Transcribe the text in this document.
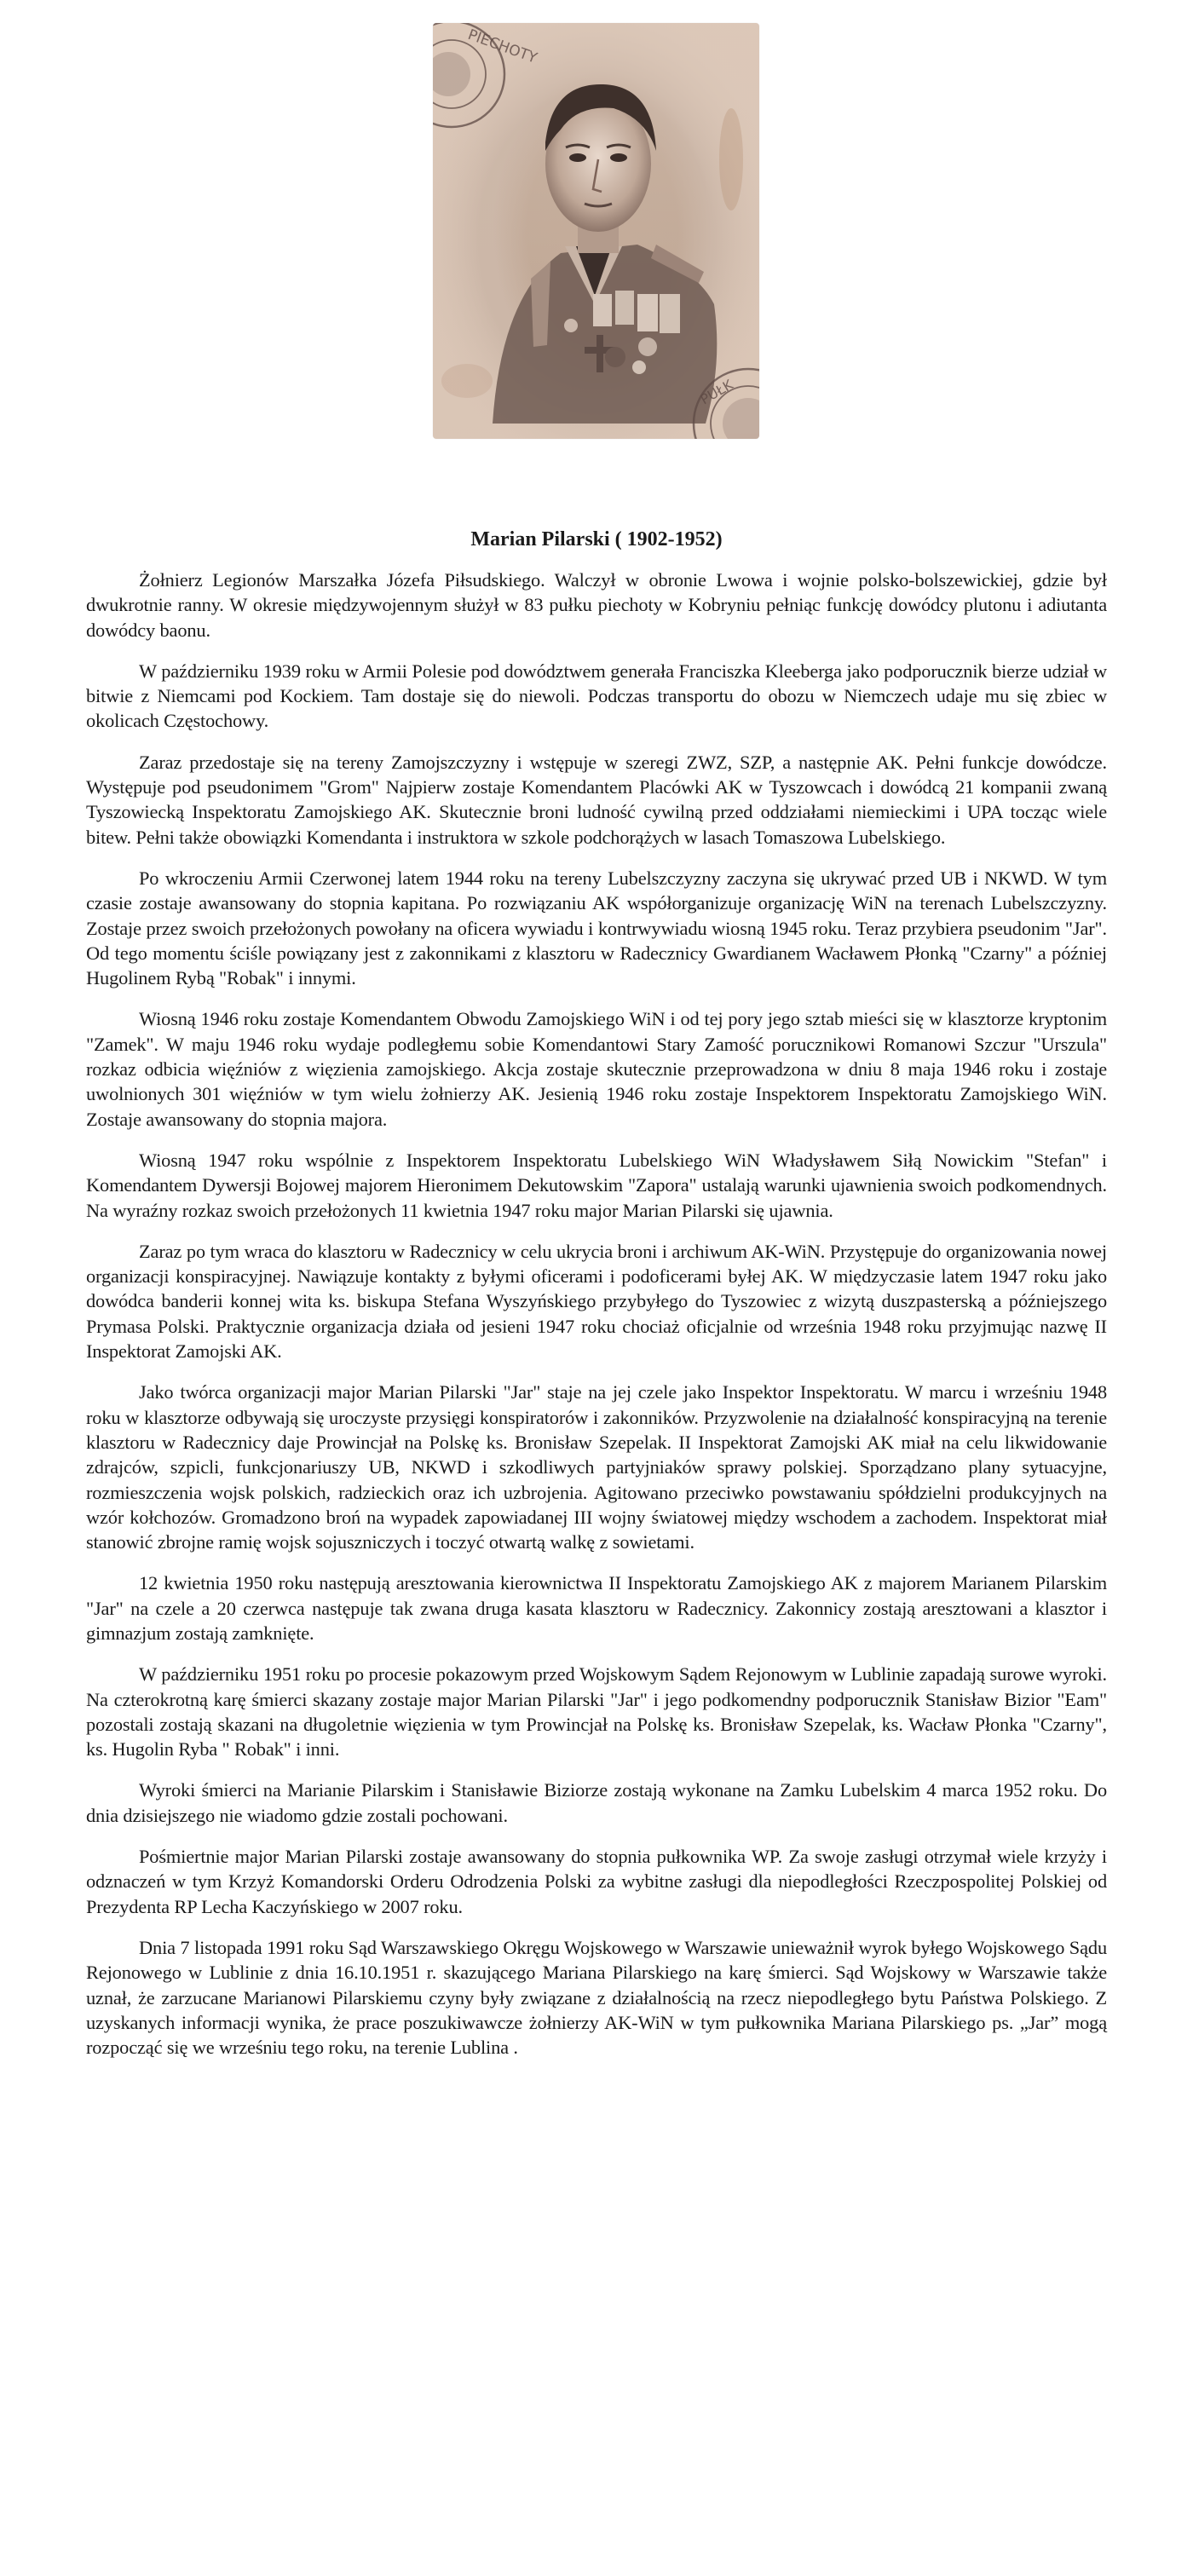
PIECHOTY
PUŁK
Marian Pilarski ( 1902-1952)

Żołnierz Legionów Marszałka Józefa Piłsudskiego. Walczył w obronie Lwowa i wojnie polsko-bolszewickiej, gdzie był dwukrotnie ranny. W okresie międzywojennym służył w 83 pułku piechoty w Kobryniu pełniąc funkcję dowódcy plutonu i adiutanta dowódcy baonu.

W październiku 1939 roku w Armii Polesie pod dowództwem generała Franciszka Kleeberga jako podporucznik bierze udział w bitwie z Niemcami pod Kockiem. Tam dostaje się do niewoli. Podczas transportu do obozu w Niemczech udaje mu się zbiec w okolicach Częstochowy.

Zaraz przedostaje się na tereny Zamojszczyzny i wstępuje w szeregi ZWZ, SZP, a następnie AK. Pełni funkcje dowódcze. Występuje pod pseudonimem "Grom" Najpierw zostaje Komendantem Placówki AK w Tyszowcach i dowódcą 21 kompanii zwaną Tyszowiecką Inspektoratu Zamojskiego AK. Skutecznie broni ludność cywilną przed oddziałami niemieckimi i UPA tocząc wiele bitew. Pełni także obowiązki Komendanta i instruktora w szkole podchorążych w lasach Tomaszowa Lubelskiego.

Po wkroczeniu Armii Czerwonej latem 1944 roku na tereny Lubelszczyzny zaczyna się ukrywać przed UB i NKWD. W tym czasie zostaje awansowany do stopnia kapitana. Po rozwiązaniu AK współorganizuje organizację WiN na terenach Lubelszczyzny. Zostaje przez swoich przełożonych powołany na oficera wywiadu i kontrwywiadu wiosną 1945 roku. Teraz przybiera pseudonim "Jar". Od tego momentu ściśle powiązany jest z zakonnikami z klasztoru w Radecznicy Gwardianem Wacławem Płonką "Czarny" a później Hugolinem Rybą "Robak" i innymi.

Wiosną 1946 roku zostaje Komendantem Obwodu Zamojskiego WiN i od tej pory jego sztab mieści się w klasztorze kryptonim "Zamek". W maju 1946 roku wydaje podległemu sobie Komendantowi Stary Zamość porucznikowi Romanowi Szczur "Urszula" rozkaz odbicia więźniów z więzienia zamojskiego. Akcja zostaje skutecznie przeprowadzona w dniu 8 maja 1946 roku i zostaje uwolnionych 301 więźniów w tym wielu żołnierzy AK. Jesienią 1946 roku zostaje Inspektorem Inspektoratu Zamojskiego WiN. Zostaje awansowany do stopnia majora.

Wiosną 1947 roku wspólnie z Inspektorem Inspektoratu Lubelskiego WiN Władysławem Siłą Nowickim "Stefan" i Komendantem Dywersji Bojowej majorem Hieronimem Dekutowskim "Zapora" ustalają warunki ujawnienia swoich podkomendnych. Na wyraźny rozkaz swoich przełożonych 11 kwietnia 1947 roku major Marian Pilarski się ujawnia.

Zaraz po tym wraca do klasztoru w Radecznicy w celu ukrycia broni i archiwum AK-WiN. Przystępuje do organizowania nowej organizacji konspiracyjnej. Nawiązuje kontakty z byłymi oficerami i podoficerami byłej AK. W międzyczasie latem 1947 roku jako dowódca banderii konnej wita ks. biskupa Stefana Wyszyńskiego przybyłego do Tyszowiec z wizytą duszpasterską a późniejszego Prymasa Polski. Praktycznie organizacja działa od jesieni 1947 roku chociaż oficjalnie od września 1948 roku przyjmując nazwę II Inspektorat Zamojski AK.

Jako twórca organizacji major Marian Pilarski "Jar" staje na jej czele jako Inspektor Inspektoratu. W marcu i wrześniu 1948 roku w klasztorze odbywają się uroczyste przysięgi konspiratorów i zakonników. Przyzwolenie na działalność konspiracyjną na terenie klasztoru w Radecznicy daje Prowincjał na Polskę ks. Bronisław Szepelak. II Inspektorat Zamojski AK miał na celu likwidowanie zdrajców, szpicli, funkcjonariuszy UB, NKWD i szkodliwych partyjniaków sprawy polskiej. Sporządzano plany sytuacyjne, rozmieszczenia wojsk polskich, radzieckich oraz ich uzbrojenia. Agitowano przeciwko powstawaniu spółdzielni produkcyjnych na wzór kołchozów. Gromadzono broń na wypadek zapowiadanej III wojny światowej między wschodem a zachodem. Inspektorat miał stanowić zbrojne ramię wojsk sojuszniczych i toczyć otwartą walkę z sowietami.

12 kwietnia 1950 roku następują aresztowania kierownictwa II Inspektoratu Zamojskiego AK z majorem Marianem Pilarskim "Jar" na czele a 20 czerwca następuje tak zwana druga kasata klasztoru w Radecznicy. Zakonnicy zostają aresztowani a klasztor i gimnazjum zostają zamknięte.

W październiku 1951 roku po procesie pokazowym przed Wojskowym Sądem Rejonowym w Lublinie zapadają surowe wyroki. Na czterokrotną karę śmierci skazany zostaje major Marian Pilarski "Jar" i jego podkomendny podporucznik Stanisław Bizior "Eam" pozostali zostają skazani na długoletnie więzienia w tym Prowincjał na Polskę ks. Bronisław Szepelak, ks. Wacław Płonka "Czarny", ks. Hugolin Ryba " Robak" i inni.

Wyroki śmierci na Marianie Pilarskim i Stanisławie Biziorze zostają wykonane na Zamku Lubelskim 4 marca 1952 roku. Do dnia dzisiejszego nie wiadomo gdzie zostali pochowani.

Pośmiertnie major Marian Pilarski zostaje awansowany do stopnia pułkownika WP. Za swoje zasługi otrzymał wiele krzyży i odznaczeń w tym Krzyż Komandorski Orderu Odrodzenia Polski za wybitne zasługi dla niepodległości Rzeczpospolitej Polskiej od Prezydenta RP Lecha Kaczyńskiego w 2007 roku.

Dnia 7 listopada 1991 roku Sąd Warszawskiego Okręgu Wojskowego w Warszawie unieważnił wyrok byłego Wojskowego Sądu Rejonowego w Lublinie z dnia 16.10.1951 r. skazującego Mariana Pilarskiego na karę śmierci. Sąd Wojskowy w Warszawie także uznał, że zarzucane Marianowi Pilarskiemu czyny były związane z działalnością na rzecz niepodległego bytu Państwa Polskiego. Z uzyskanych informacji wynika, że prace poszukiwawcze żołnierzy AK-WiN w tym pułkownika Mariana Pilarskiego ps. „Jar” mogą rozpocząć się we wrześniu tego roku, na terenie Lublina .
